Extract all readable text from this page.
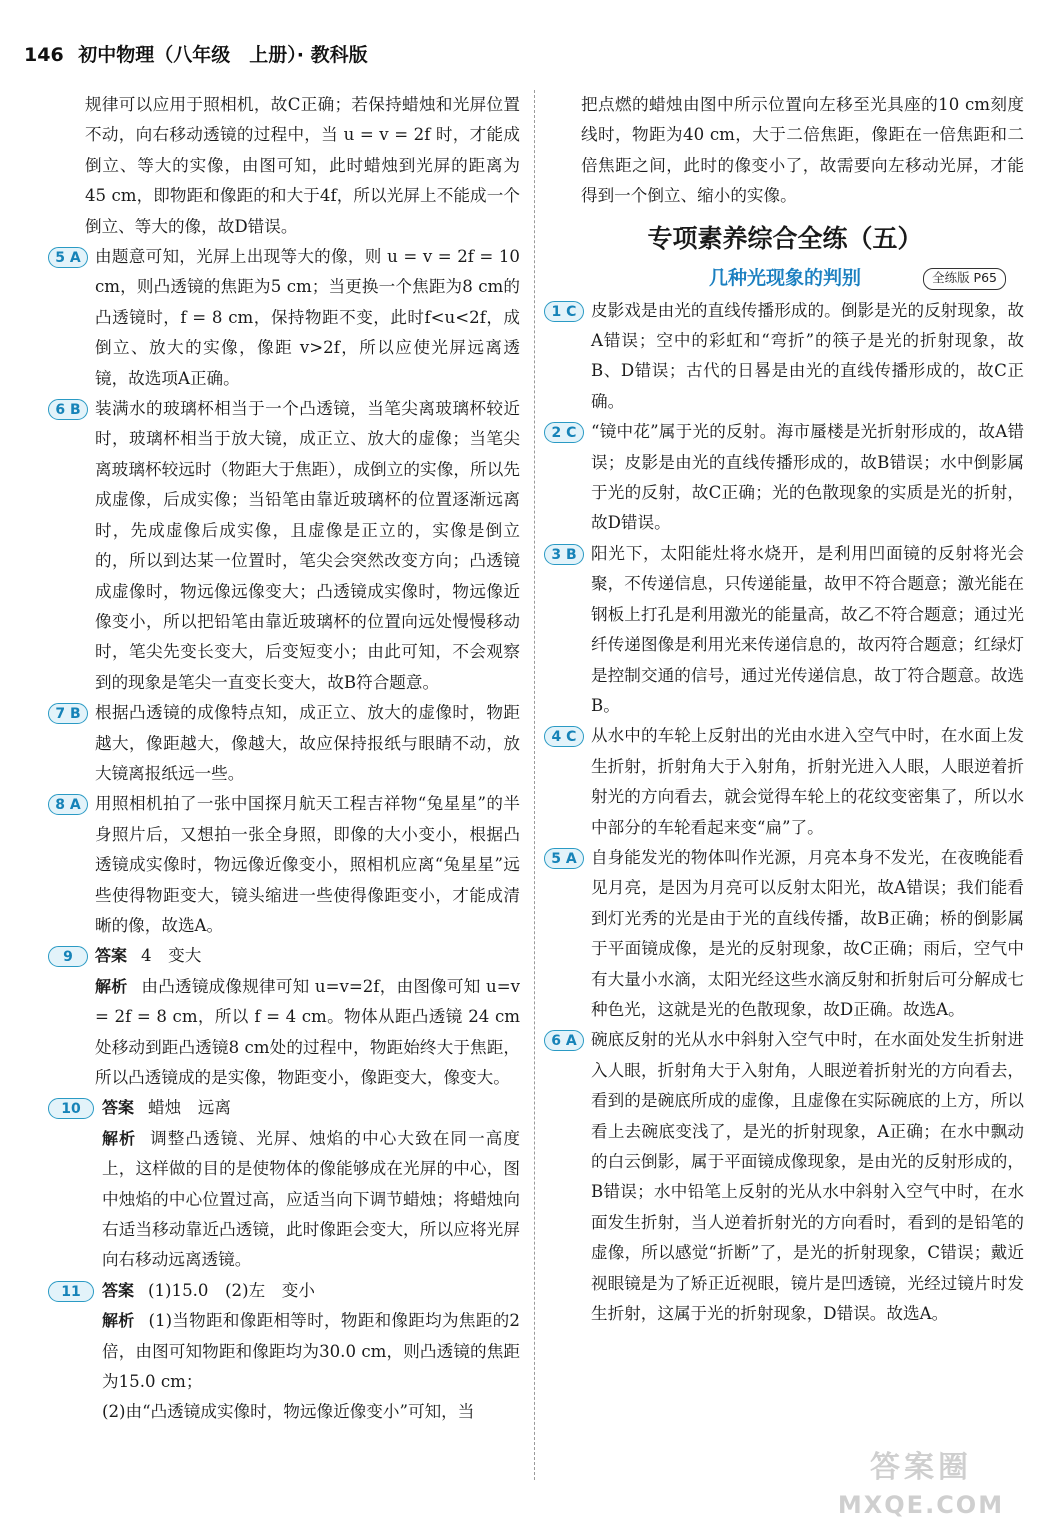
146 初中物理（八年级　上册）· 教科版

规律可以应用于照相机，故C正确；若保持蜡烛和光屏位置不动，向右移动透镜的过程中，当 u = v = 2f 时，才能成倒立、等大的实像，由图可知，此时蜡烛到光屏的距离为45 cm，即物距和像距的和大于4f，所以光屏上不能成一个倒立、等大的像，故D错误。

5 A 由题意可知，光屏上出现等大的像，则 u = v = 2f = 10 cm，则凸透镜的焦距为5 cm；当更换一个焦距为8 cm的凸透镜时，f = 8 cm，保持物距不变，此时f<u<2f，成倒立、放大的实像，像距 v>2f，所以应使光屏远离透镜，故选项A正确。

6 B 装满水的玻璃杯相当于一个凸透镜，当笔尖离玻璃杯较近时，玻璃杯相当于放大镜，成正立、放大的虚像；当笔尖离玻璃杯较远时（物距大于焦距），成倒立的实像，所以先成虚像，后成实像；当铅笔由靠近玻璃杯的位置逐渐远离时，先成虚像后成实像，且虚像是正立的，实像是倒立的，所以到达某一位置时，笔尖会突然改变方向；凸透镜成虚像时，物远像远像变大；凸透镜成实像时，物远像近像变小，所以把铅笔由靠近玻璃杯的位置向远处慢慢移动时，笔尖先变长变大，后变短变小；由此可知，不会观察到的现象是笔尖一直变长变大，故B符合题意。

7 B 根据凸透镜的成像特点知，成正立、放大的虚像时，物距越大，像距越大，像越大，故应保持报纸与眼睛不动，放大镜离报纸远一些。

8 A 用照相机拍了一张中国探月航天工程吉祥物“兔星星”的半身照片后，又想拍一张全身照，即像的大小变小，根据凸透镜成实像时，物远像近像变小，照相机应离“兔星星”远些使得物距变大，镜头缩进一些使得像距变小，才能成清晰的像，故选A。

9	答案 4　变大

解析 由凸透镜成像规律可知 u=v=2f，由图像可知 u=v = 2f = 8 cm，所以 f = 4 cm。物体从距凸透镜 24 cm处移动到距凸透镜8 cm处的过程中，物距始终大于焦距，所以凸透镜成的是实像，物距变小，像距变大，像变大。

10	答案 蜡烛　远离

解析 调整凸透镜、光屏、烛焰的中心大致在同一高度上，这样做的目的是使物体的像能够成在光屏的中心，图中烛焰的中心位置过高，应适当向下调节蜡烛；将蜡烛向右适当移动靠近凸透镜，此时像距会变大，所以应将光屏向右移动远离透镜。

11	答案 (1)15.0　(2)左　变小

解析 (1)当物距和像距相等时，物距和像距均为焦距的2倍，由图可知物距和像距均为30.0 cm，则凸透镜的焦距为15.0 cm；

(2)由“凸透镜成实像时，物远像近像变小”可知，当

把点燃的蜡烛由图中所示位置向左移至光具座的10 cm刻度线时，物距为40 cm，大于二倍焦距，像距在一倍焦距和二倍焦距之间，此时的像变小了，故需要向左移动光屏，才能得到一个倒立、缩小的实像。

专项素养综合全练（五）
几种光现象的判别	全练版 P65
1 C 皮影戏是由光的直线传播形成的。倒影是光的反射现象，故A错误；空中的彩虹和“弯折”的筷子是光的折射现象，故B、D错误；古代的日晷是由光的直线传播形成的，故C正确。

2 C “镜中花”属于光的反射。海市蜃楼是光折射形成的，故A错误；皮影是由光的直线传播形成的，故B错误；水中倒影属于光的反射，故C正确；光的色散现象的实质是光的折射，故D错误。

3 B 阳光下，太阳能灶将水烧开，是利用凹面镜的反射将光会聚，不传递信息，只传递能量，故甲不符合题意；激光能在钢板上打孔是利用激光的能量高，故乙不符合题意；通过光纤传递图像是利用光来传递信息的，故丙符合题意；红绿灯是控制交通的信号，通过光传递信息，故丁符合题意。故选B。

4 C 从水中的车轮上反射出的光由水进入空气中时，在水面上发生折射，折射角大于入射角，折射光进入人眼，人眼逆着折射光的方向看去，就会觉得车轮上的花纹变密集了，所以水中部分的车轮看起来变“扁”了。

5 A 自身能发光的物体叫作光源，月亮本身不发光，在夜晚能看见月亮，是因为月亮可以反射太阳光，故A错误；我们能看到灯光秀的光是由于光的直线传播，故B正确；桥的倒影属于平面镜成像，是光的反射现象，故C正确；雨后，空气中有大量小水滴，太阳光经这些水滴反射和折射后可分解成七种色光，这就是光的色散现象，故D正确。故选A。

6 A 碗底反射的光从水中斜射入空气中时，在水面处发生折射进入人眼，折射角大于入射角，人眼逆着折射光的方向看去，看到的是碗底所成的虚像，且虚像在实际碗底的上方，所以看上去碗底变浅了，是光的折射现象，A正确；在水中飘动的白云倒影，属于平面镜成像现象，是由光的反射形成的，B错误；水中铅笔上反射的光从水中斜射入空气中时，在水面发生折射，当人逆着折射光的方向看时，看到的是铅笔的虚像，所以感觉“折断”了，是光的折射现象，C错误；戴近视眼镜是为了矫正近视眼，镜片是凹透镜，光经过镜片时发生折射，这属于光的折射现象，D错误。故选A。

答案圈
MXQE.COM
